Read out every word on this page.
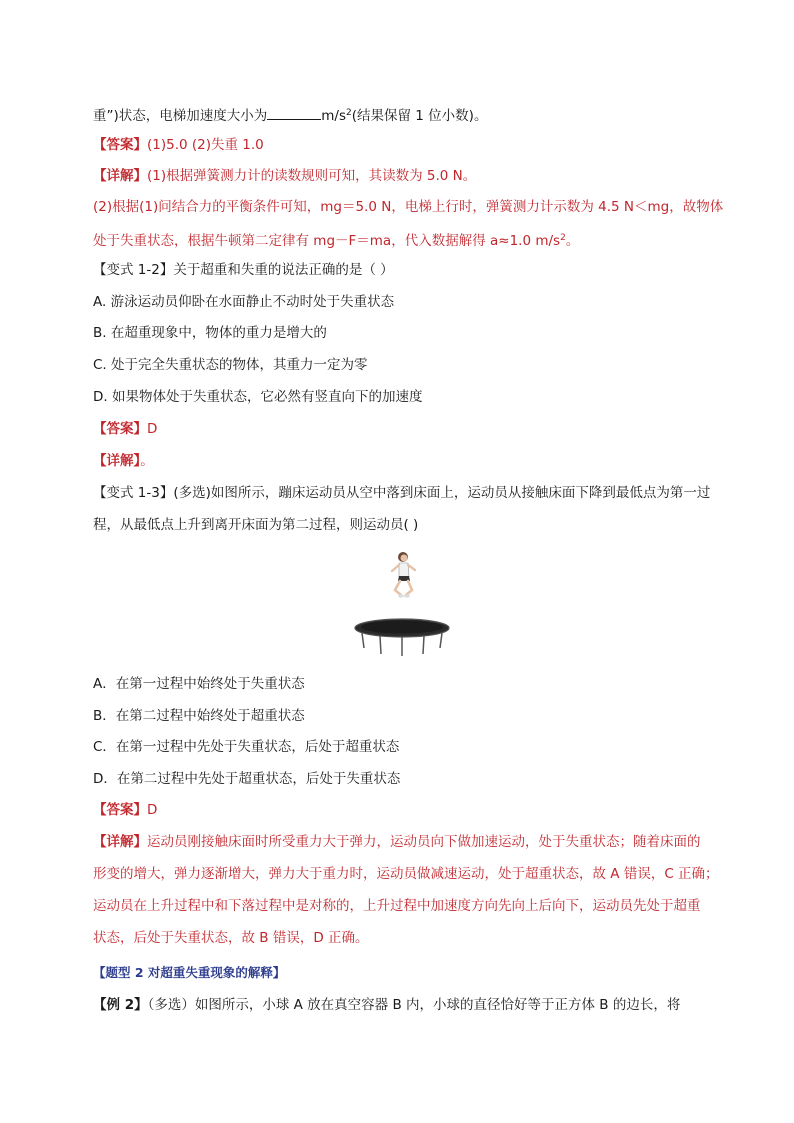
重”)状态，电梯加速度大小为	$m/s^2$(结果保留 1 位小数)。
【答案】(1)5.0 (2)失重 1.0
【详解】(1)根据弹簧测力计的读数规则可知，其读数为 5.0 N。
(2)根据(1)问结合力的平衡条件可知，mg＝5.0 N，电梯上行时，弹簧测力计示数为 4.5 N＜mg，故物体
处于失重状态，根据牛顿第二定律有 mg－F＝ma，代入数据解得 a≈1.0 $m/s^2$。
【变式 1-2】关于超重和失重的说法正确的是（ ）
A. 游泳运动员仰卧在水面静止不动时处于失重状态
B. 在超重现象中，物体的重力是增大的
C. 处于完全失重状态的物体，其重力一定为零
D. 如果物体处于失重状态，它必然有竖直向下的加速度
【答案】D
【详解】。
【变式 1-3】(多选)如图所示，蹦床运动员从空中落到床面上，运动员从接触床面下降到最低点为第一过
程，从最低点上升到离开床面为第二过程，则运动员( )
A．在第一过程中始终处于失重状态
B．在第二过程中始终处于超重状态
C．在第一过程中先处于失重状态，后处于超重状态
D．在第二过程中先处于超重状态，后处于失重状态
【答案】D
【详解】运动员刚接触床面时所受重力大于弹力，运动员向下做加速运动，处于失重状态；随着床面的
形变的增大，弹力逐渐增大，弹力大于重力时，运动员做减速运动，处于超重状态，故 A 错误，C 正确；
运动员在上升过程中和下落过程中是对称的，上升过程中加速度方向先向上后向下，运动员先处于超重
状态，后处于失重状态，故 B 错误，D 正确。
【题型 2 对超重失重现象的解释】
【例 2】（多选）如图所示，小球 A 放在真空容器 B 内，小球的直径恰好等于正方体 B 的边长，将
